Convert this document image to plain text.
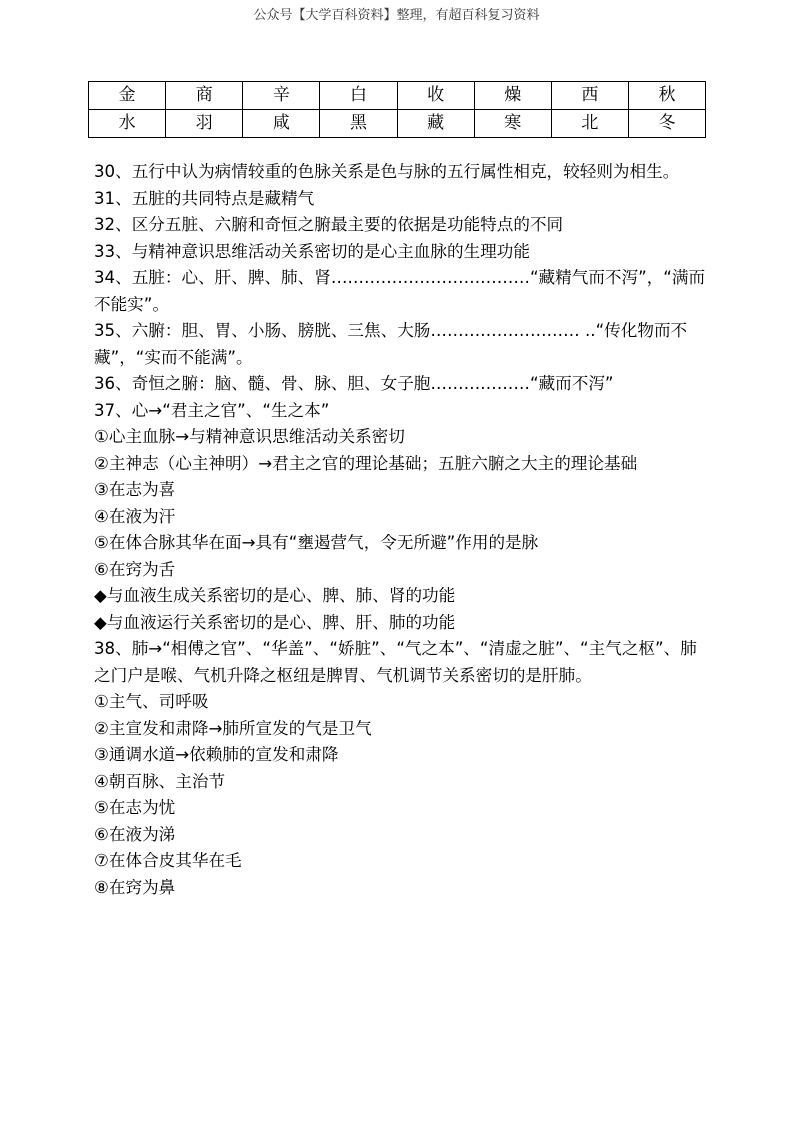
公众号【大学百科资料】整理，有超百科复习资料
金	商	辛	白	收	燥	西	秋
水	羽	咸	黑	藏	寒	北	冬

30、五行中认为病情较重的色脉关系是色与脉的五行属性相克，较轻则为相生。

31、五脏的共同特点是藏精气

32、区分五脏、六腑和奇恒之腑最主要的依据是功能特点的不同

33、与精神意识思维活动关系密切的是心主血脉的生理功能

34、五脏：心、肝、脾、肺、肾………………………………“藏精气而不泻”，“满而不能实”。

35、六腑：胆、胃、小肠、膀胱、三焦、大肠……………………… ..“传化物而不藏”，“实而不能满”。

36、奇恒之腑：脑、髓、骨、脉、胆、女子胞………………“藏而不泻”

37、心→“君主之官”、“生之本”

①心主血脉→与精神意识思维活动关系密切

②主神志（心主神明）→君主之官的理论基础；五脏六腑之大主的理论基础

③在志为喜

④在液为汗

⑤在体合脉其华在面→具有“壅遏营气，令无所避”作用的是脉

⑥在窍为舌

◆与血液生成关系密切的是心、脾、肺、肾的功能

◆与血液运行关系密切的是心、脾、肝、肺的功能

38、肺→“相傅之官”、“华盖”、“娇脏”、“气之本”、“清虚之脏”、“主气之枢”、肺之门户是喉、气机升降之枢纽是脾胃、气机调节关系密切的是肝肺。

①主气、司呼吸

②主宣发和肃降→肺所宣发的气是卫气

③通调水道→依赖肺的宣发和肃降

④朝百脉、主治节

⑤在志为忧

⑥在液为涕

⑦在体合皮其华在毛

⑧在窍为鼻
